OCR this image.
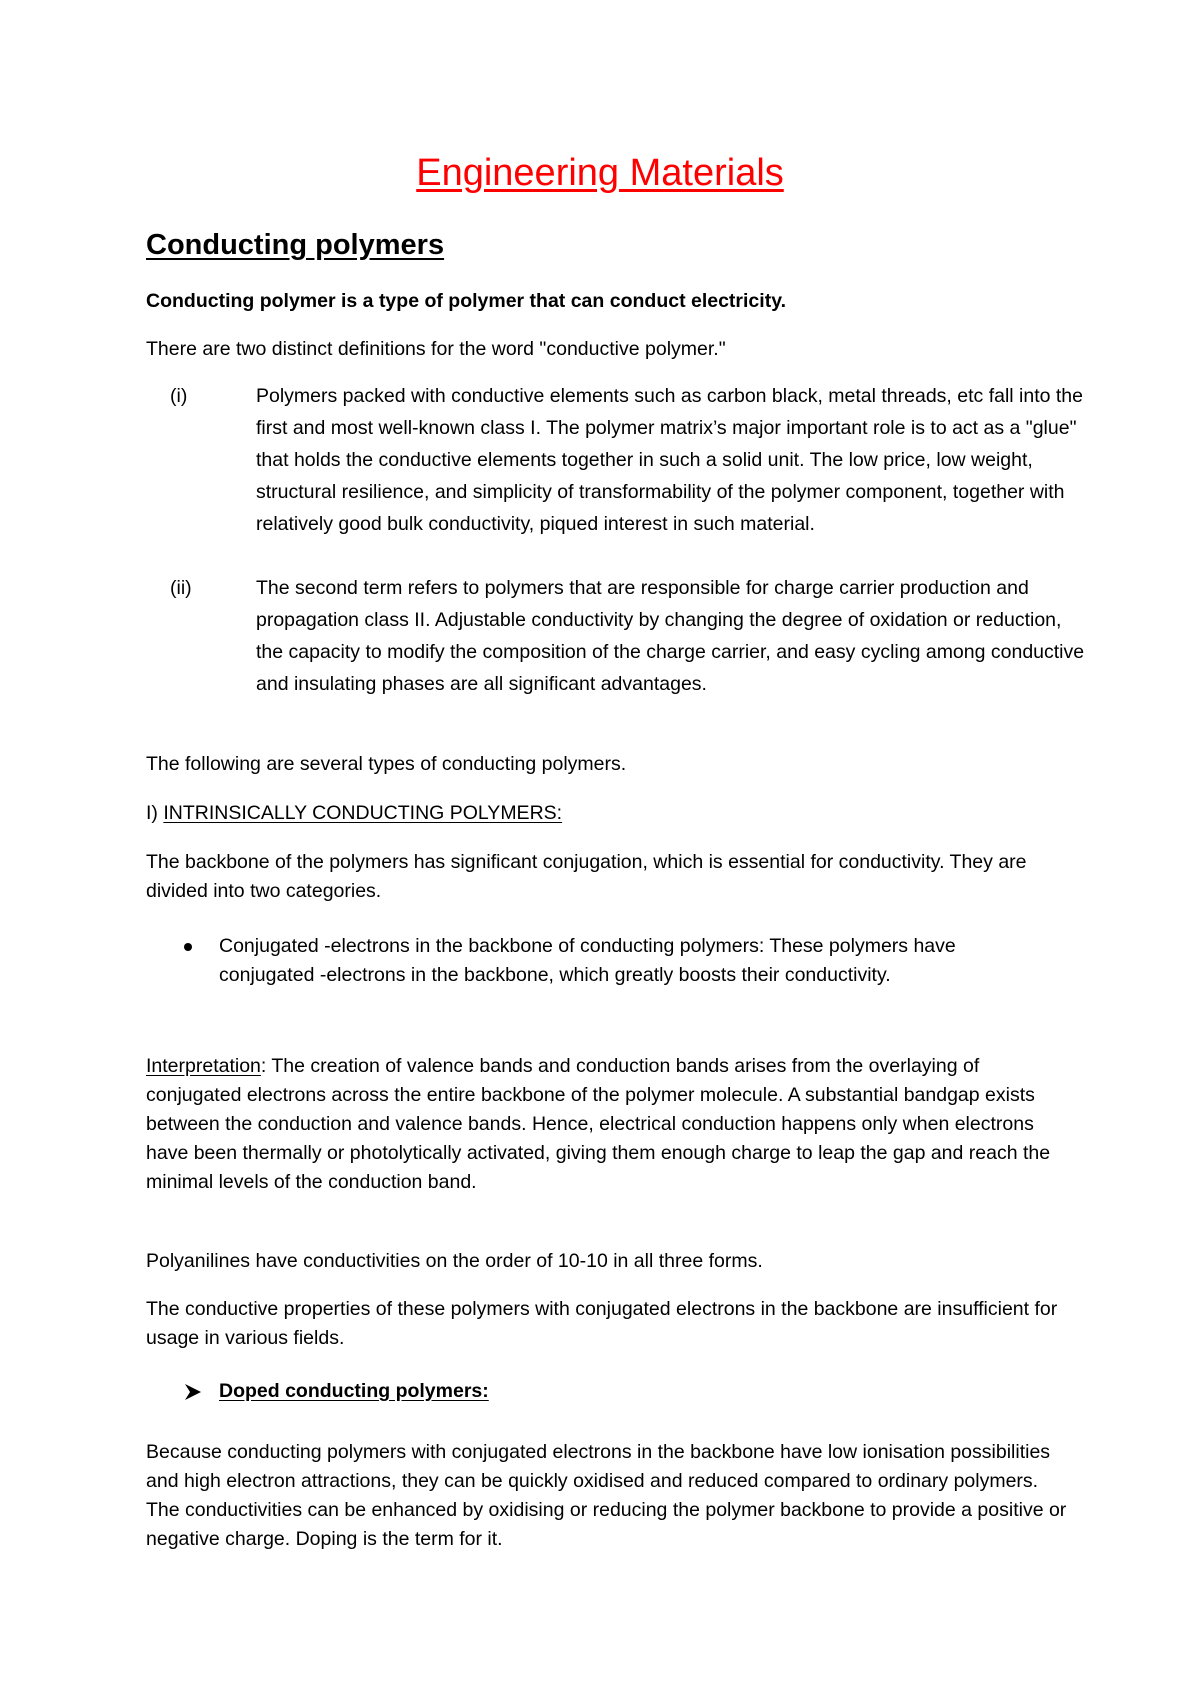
Engineering Materials
Conducting polymers

Conducting polymer is a type of polymer that can conduct electricity.

There are two distinct definitions for the word "conductive polymer."

(i)	Polymers packed with conductive elements such as carbon black, metal threads, etc fall into the first and most well-known class I. The polymer matrix’s major important role is to act as a "glue" that holds the conductive elements together in such a solid unit. The low price, low weight, structural resilience, and simplicity of transformability of the polymer component, together with relatively good bulk conductivity, piqued interest in such material.

(ii)	The second term refers to polymers that are responsible for charge carrier production and propagation class II. Adjustable conductivity by changing the degree of oxidation or reduction, the capacity to modify the composition of the charge carrier, and easy cycling among conductive and insulating phases are all significant advantages.

The following are several types of conducting polymers.

I) INTRINSICALLY CONDUCTING POLYMERS:

The backbone of the polymers has significant conjugation, which is essential for conductivity. They are divided into two categories.

Conjugated -electrons in the backbone of conducting polymers: These polymers have conjugated -electrons in the backbone, which greatly boosts their conductivity.

Interpretation: The creation of valence bands and conduction bands arises from the overlaying of conjugated electrons across the entire backbone of the polymer molecule. A substantial bandgap exists between the conduction and valence bands. Hence, electrical conduction happens only when electrons have been thermally or photolytically activated, giving them enough charge to leap the gap and reach the minimal levels of the conduction band.

Polyanilines have conductivities on the order of 10-10 in all three forms.

The conductive properties of these polymers with conjugated electrons in the backbone are insufficient for usage in various fields.

Doped conducting polymers:

Because conducting polymers with conjugated electrons in the backbone have low ionisation possibilities and high electron attractions, they can be quickly oxidised and reduced compared to ordinary polymers. The conductivities can be enhanced by oxidising or reducing the polymer backbone to provide a positive or negative charge. Doping is the term for it.
